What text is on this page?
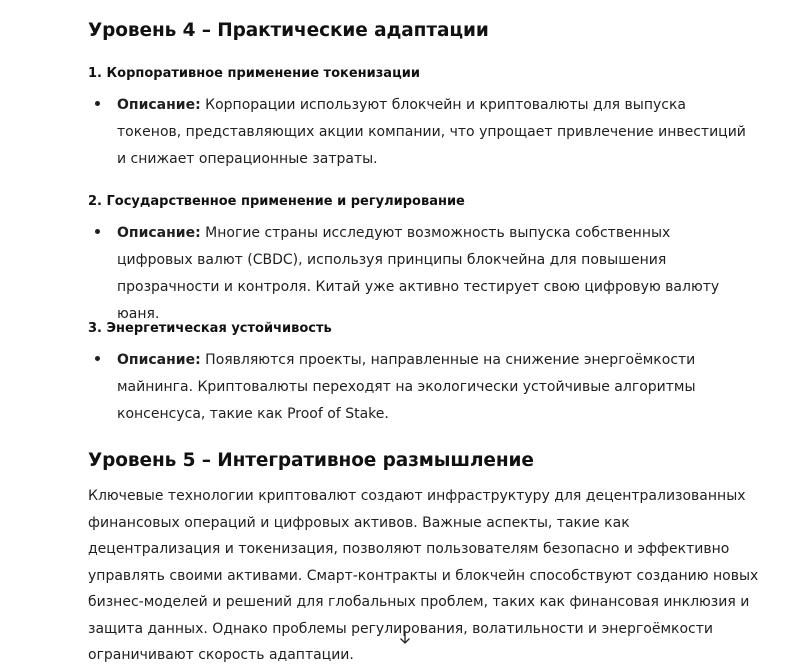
Уровень 4 – Практические адаптации
1. Корпоративное применение токенизации
Описание: Корпорации используют блокчейн и криптовалюты для выпуска токенов, представляющих акции компании, что упрощает привлечение инвестиций и снижает операционные затраты.
2. Государственное применение и регулирование
Описание: Многие страны исследуют возможность выпуска собственных цифровых валют (CBDC), используя принципы блокчейна для повышения прозрачности и контроля. Китай уже активно тестирует свою цифровую валюту юаня.
3. Энергетическая устойчивость
Описание: Появляются проекты, направленные на снижение энергоёмкости майнинга. Криптовалюты переходят на экологически устойчивые алгоритмы консенсуса, такие как Proof of Stake.
Уровень 5 – Интегративное размышление
Ключевые технологии криптовалют создают инфраструктуру для децентрализованных финансовых операций и цифровых активов. Важные аспекты, такие как децентрализация и токенизация, позволяют пользователям безопасно и эффективно управлять своими активами. Смарт-контракты и блокчейн способствуют созданию новых бизнес-моделей и решений для глобальных проблем, таких как финансовая инклюзия и защита данных. Однако проблемы регулирования, волатильности и энергоёмкости ограничивают скорость адаптации.
